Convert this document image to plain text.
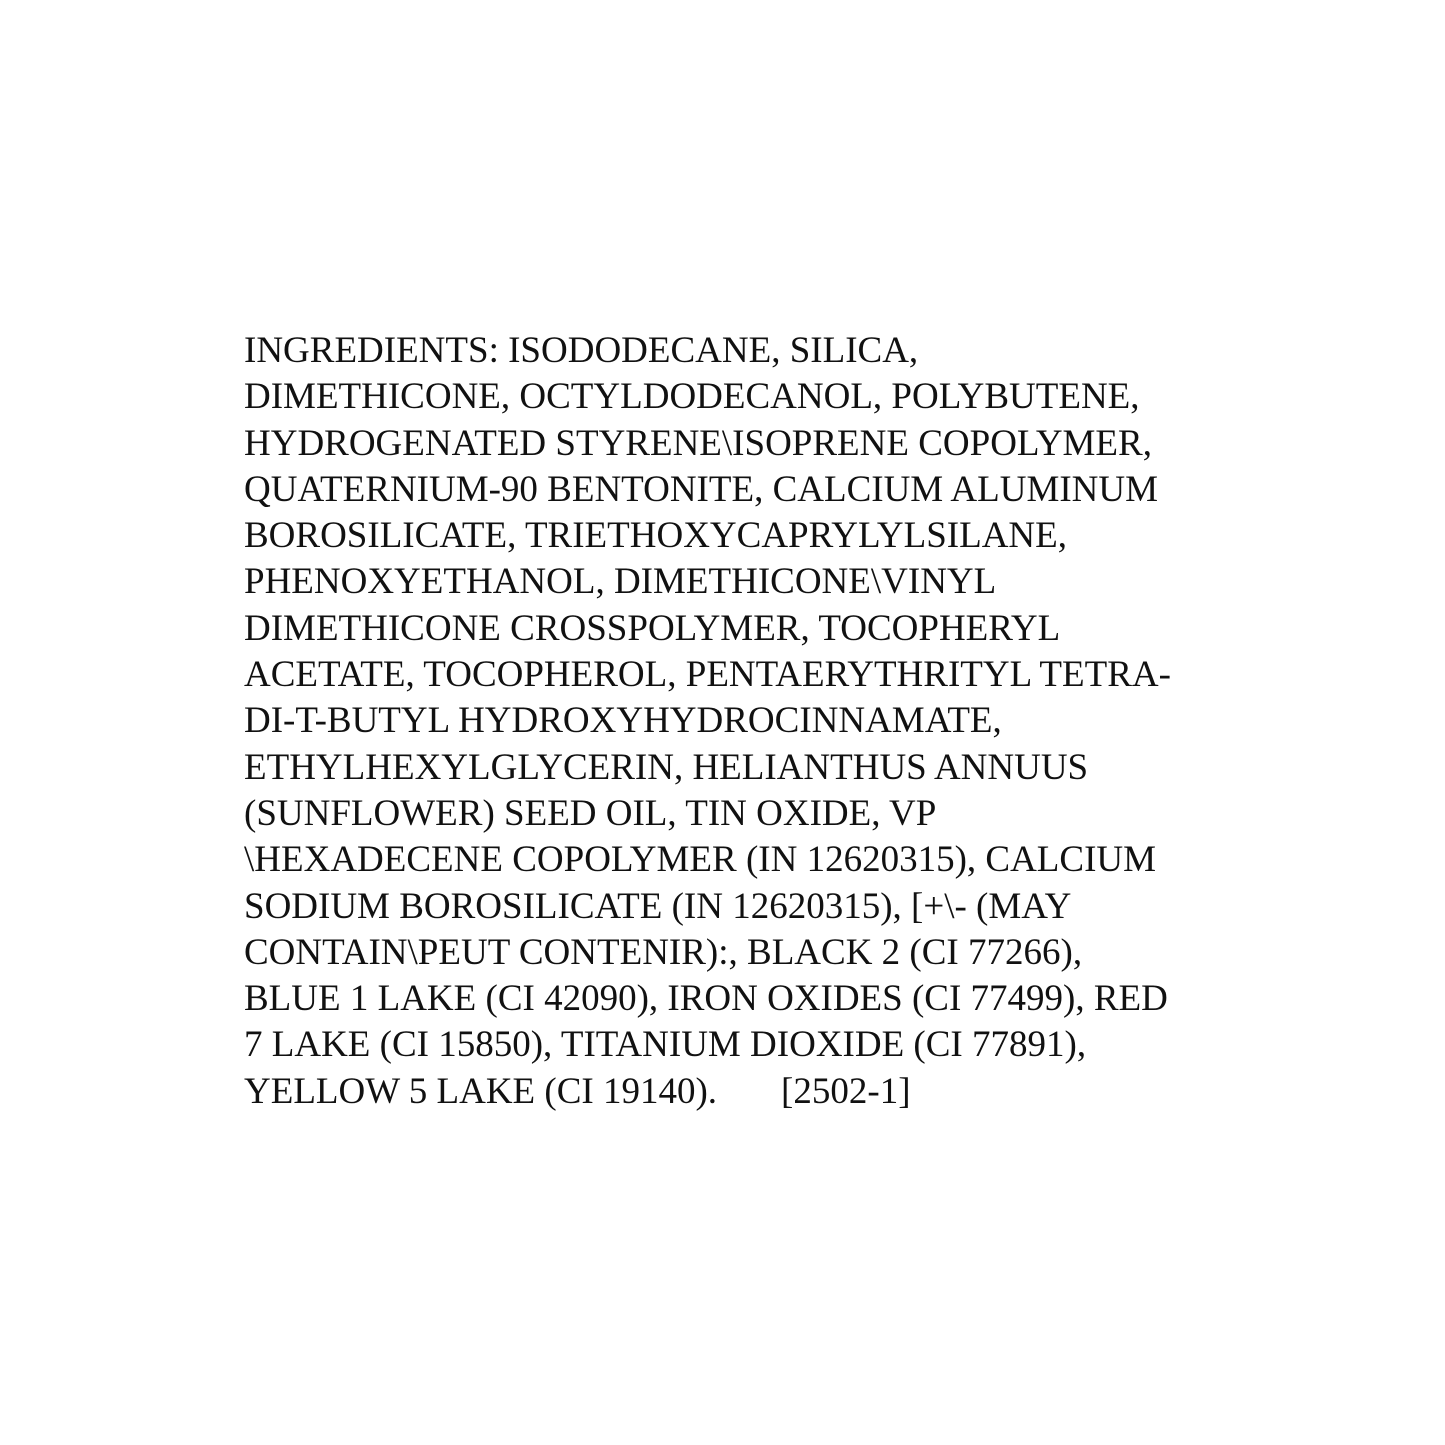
INGREDIENTS: ISODODECANE, SILICA,
DIMETHICONE, OCTYLDODECANOL, POLYBUTENE,
HYDROGENATED STYRENE\ISOPRENE COPOLYMER,
QUATERNIUM-90 BENTONITE, CALCIUM ALUMINUM
BOROSILICATE, TRIETHOXYCAPRYLYLSILANE,
PHENOXYETHANOL, DIMETHICONE\VINYL
DIMETHICONE CROSSPOLYMER, TOCOPHERYL
ACETATE, TOCOPHEROL, PENTAERYTHRITYL TETRA-
DI-T-BUTYL HYDROXYHYDROCINNAMATE,
ETHYLHEXYLGLYCERIN, HELIANTHUS ANNUUS
(SUNFLOWER) SEED OIL, TIN OXIDE, VP
\HEXADECENE COPOLYMER (IN 12620315), CALCIUM
SODIUM BOROSILICATE (IN 12620315), [+\- (MAY
CONTAIN\PEUT CONTENIR):, BLACK 2 (CI 77266),
BLUE 1 LAKE (CI 42090), IRON OXIDES (CI 77499), RED
7 LAKE (CI 15850), TITANIUM DIOXIDE (CI 77891),
YELLOW 5 LAKE (CI 19140). [2502-1]
